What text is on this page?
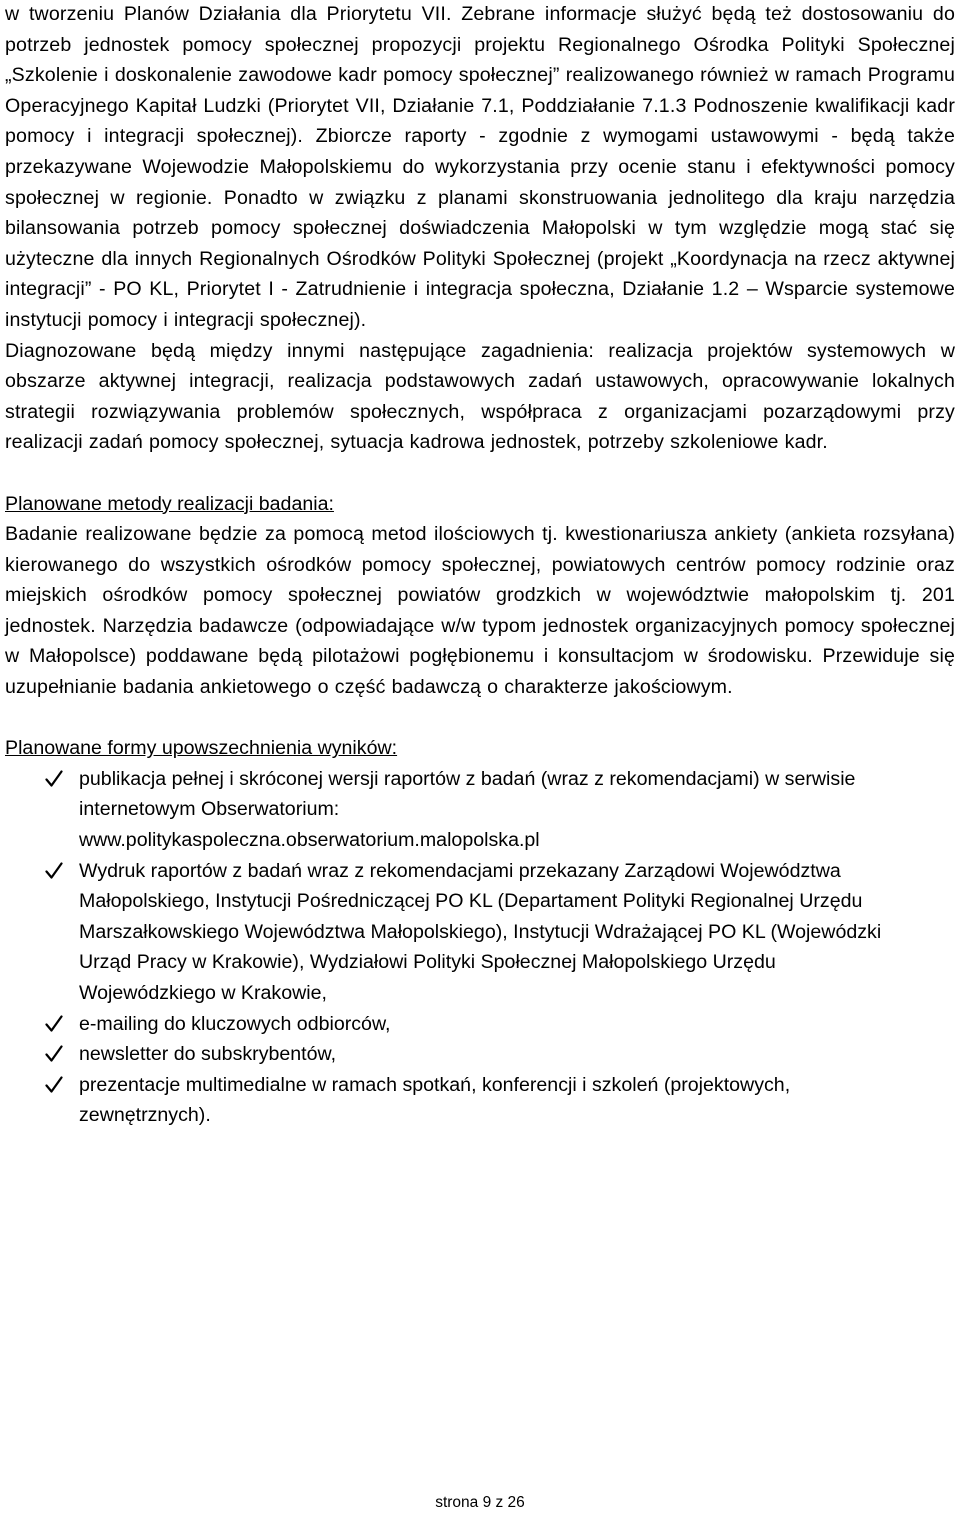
w tworzeniu Planów Działania dla Priorytetu VII. Zebrane informacje służyć będą też dostosowaniu do potrzeb jednostek pomocy społecznej propozycji projektu Regionalnego Ośrodka Polityki Społecznej „Szkolenie i doskonalenie zawodowe kadr pomocy społecznej” realizowanego również w ramach Programu Operacyjnego Kapitał Ludzki (Priorytet VII, Działanie 7.1, Poddziałanie 7.1.3 Podnoszenie kwalifikacji kadr pomocy i integracji społecznej). Zbiorcze raporty - zgodnie z wymogami ustawowymi - będą także przekazywane Wojewodzie Małopolskiemu do wykorzystania przy ocenie stanu i efektywności pomocy społecznej w regionie. Ponadto w związku z planami skonstruowania jednolitego dla kraju narzędzia bilansowania potrzeb pomocy społecznej doświadczenia Małopolski w tym względzie mogą stać się użyteczne dla innych Regionalnych Ośrodków Polityki Społecznej (projekt „Koordynacja na rzecz aktywnej integracji” - PO KL, Priorytet I - Zatrudnienie i integracja społeczna, Działanie 1.2 – Wsparcie systemowe instytucji pomocy i integracji społecznej).

Diagnozowane będą między innymi następujące zagadnienia: realizacja projektów systemowych w obszarze aktywnej integracji, realizacja podstawowych zadań ustawowych, opracowywanie lokalnych strategii rozwiązywania problemów społecznych, współpraca z organizacjami pozarządowymi przy realizacji zadań pomocy społecznej, sytuacja kadrowa jednostek, potrzeby szkoleniowe kadr.

Planowane metody realizacji badania:

Badanie realizowane będzie za pomocą metod ilościowych tj. kwestionariusza ankiety (ankieta rozsyłana) kierowanego do wszystkich ośrodków pomocy społecznej, powiatowych centrów pomocy rodzinie oraz miejskich ośrodków pomocy społecznej powiatów grodzkich w województwie małopolskim tj. 201 jednostek. Narzędzia badawcze (odpowiadające w/w typom jednostek organizacyjnych pomocy społecznej w Małopolsce) poddawane będą pilotażowi pogłębionemu i konsultacjom w środowisku. Przewiduje się uzupełnianie badania ankietowego o część badawczą o charakterze jakościowym.

Planowane formy upowszechnienia wyników:

publikacja pełnej i skróconej wersji raportów z badań (wraz z rekomendacjami) w serwisie internetowym Obserwatorium:
www.politykaspoleczna.obserwatorium.malopolska.pl
Wydruk raportów z badań wraz z rekomendacjami przekazany Zarządowi Województwa Małopolskiego, Instytucji Pośredniczącej PO KL (Departament Polityki Regionalnej Urzędu Marszałkowskiego Województwa Małopolskiego), Instytucji Wdrażającej PO KL (Wojewódzki Urząd Pracy w Krakowie), Wydziałowi Polityki Społecznej Małopolskiego Urzędu Wojewódzkiego w Krakowie,
e-mailing do kluczowych odbiorców,
newsletter do subskrybentów,
prezentacje multimedialne w ramach spotkań, konferencji i szkoleń (projektowych, zewnętrznych).
strona 9 z 26
